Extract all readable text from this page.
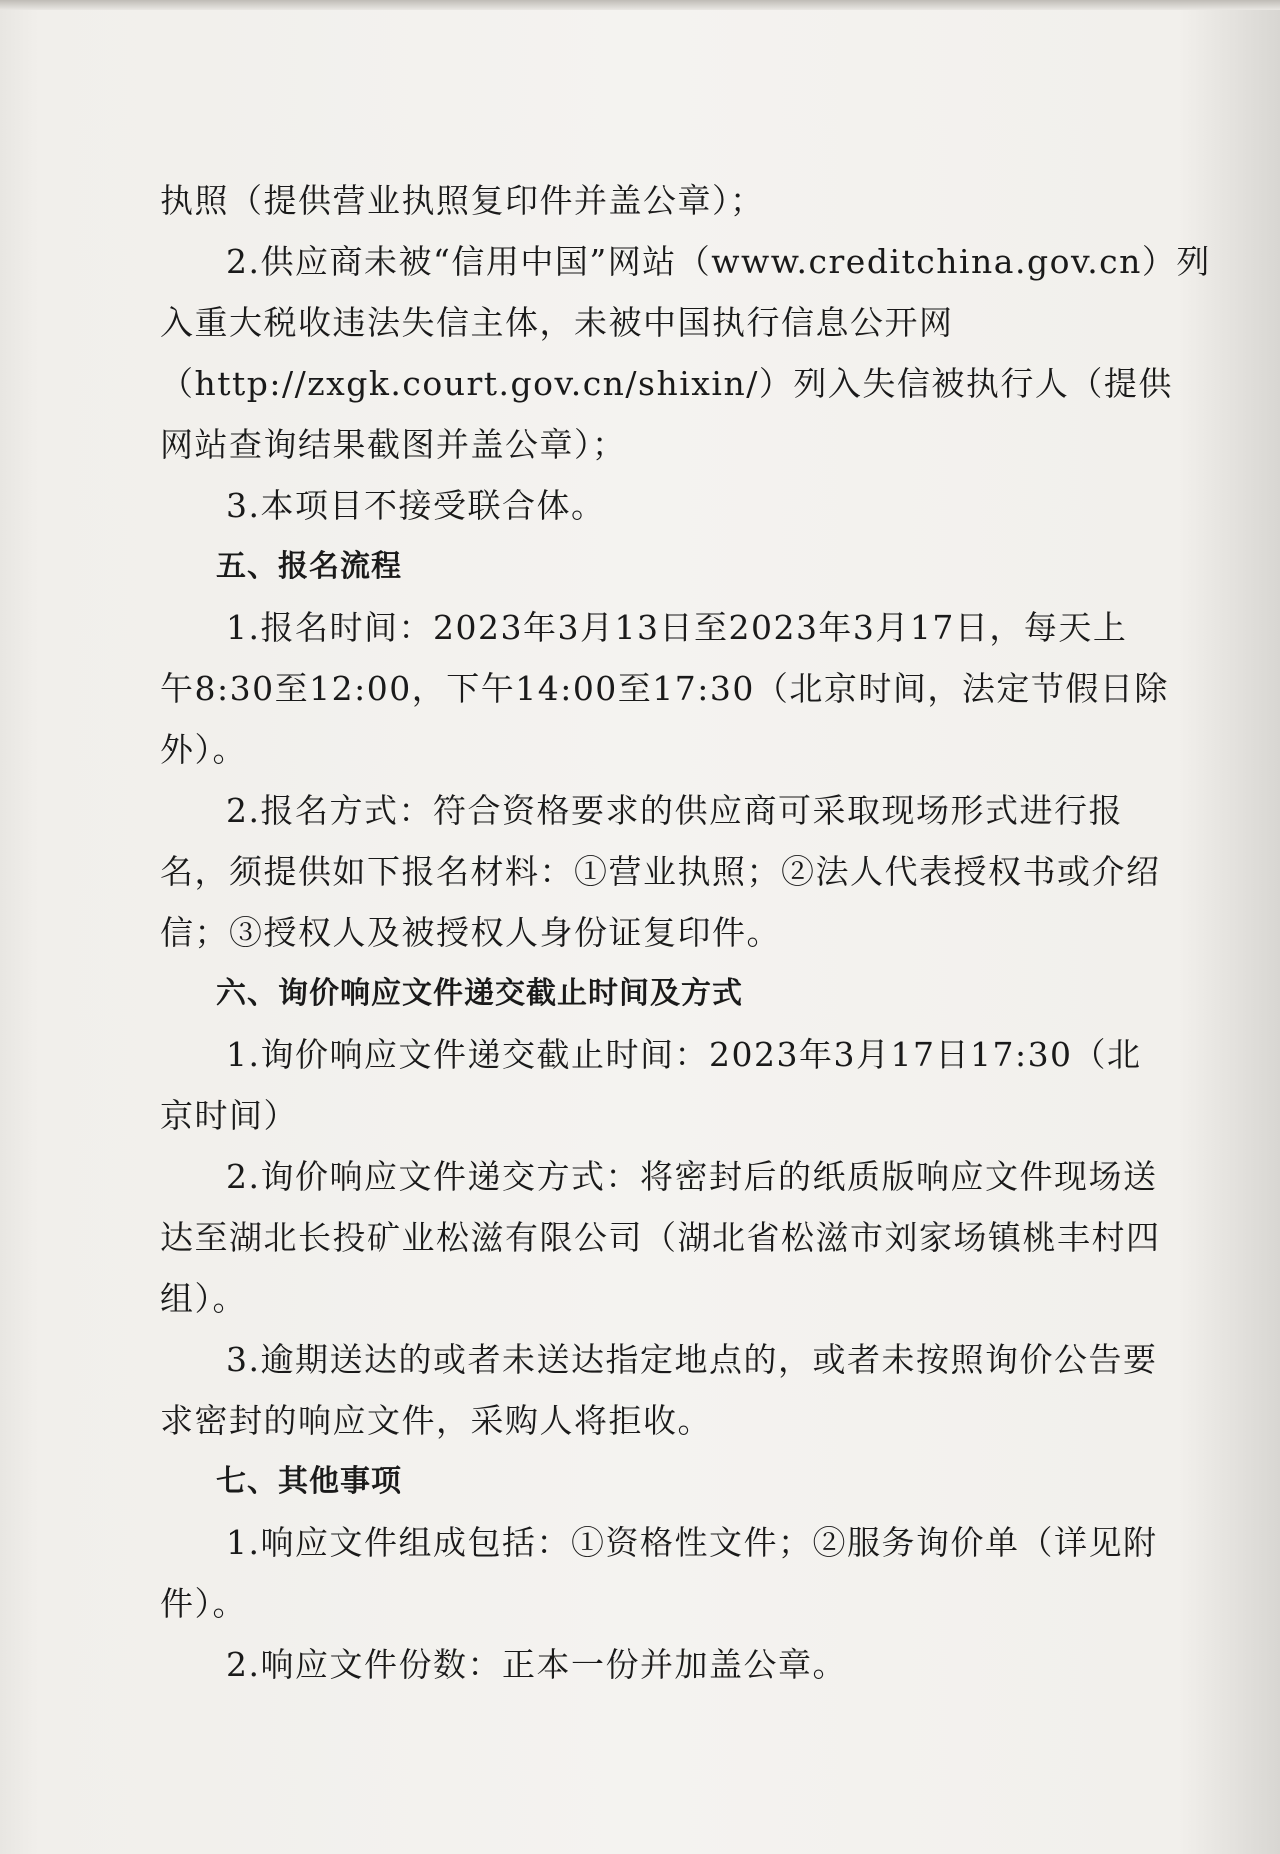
执照（提供营业执照复印件并盖公章）；
2.供应商未被“信用中国”网站（www.creditchina.gov.cn）列
入重大税收违法失信主体，未被中国执行信息公开网
（http://zxgk.court.gov.cn/shixin/）列入失信被执行人（提供
网站查询结果截图并盖公章）；
3.本项目不接受联合体。
五、报名流程
1.报名时间：2023年3月13日至2023年3月17日，每天上
午8:30至12:00，下午14:00至17:30（北京时间，法定节假日除
外）。
2.报名方式：符合资格要求的供应商可采取现场形式进行报
名，须提供如下报名材料：①营业执照；②法人代表授权书或介绍
信；③授权人及被授权人身份证复印件。
六、询价响应文件递交截止时间及方式
1.询价响应文件递交截止时间：2023年3月17日17:30（北
京时间）
2.询价响应文件递交方式：将密封后的纸质版响应文件现场送
达至湖北长投矿业松滋有限公司（湖北省松滋市刘家场镇桃丰村四
组）。
3.逾期送达的或者未送达指定地点的，或者未按照询价公告要
求密封的响应文件，采购人将拒收。
七、其他事项
1.响应文件组成包括：①资格性文件；②服务询价单（详见附
件）。
2.响应文件份数：正本一份并加盖公章。
